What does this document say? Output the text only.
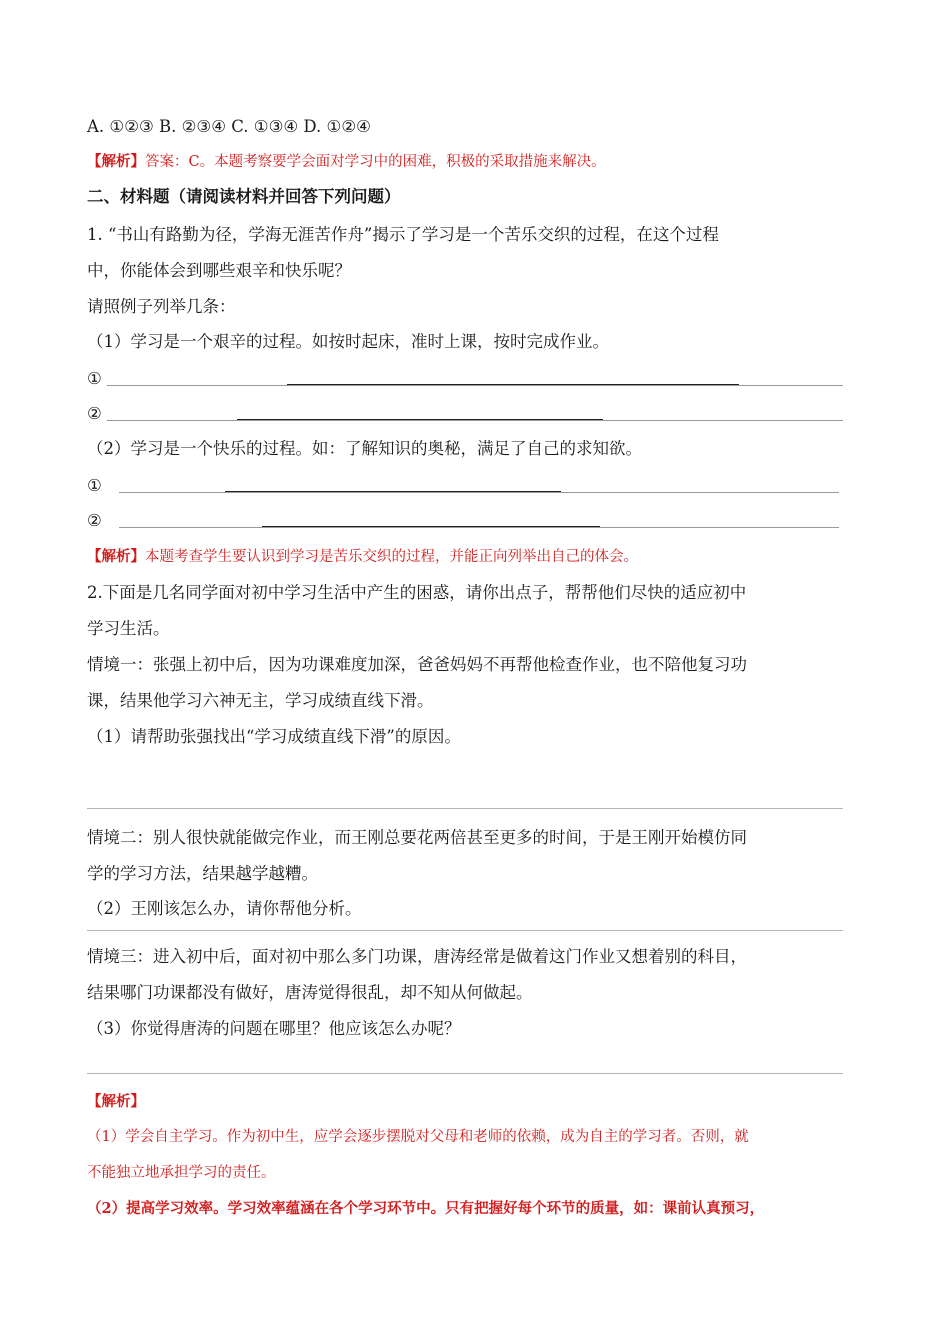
A. ①②③ B. ②③④ C. ①③④ D. ①②④
【解析】答案：C。本题考察要学会面对学习中的困难，积极的采取措施来解决。
二、材料题（请阅读材料并回答下列问题）
1. “书山有路勤为径，学海无涯苦作舟”揭示了学习是一个苦乐交织的过程，在这个过程
中，你能体会到哪些艰辛和快乐呢？
请照例子列举几条：
（1）学习是一个艰辛的过程。如按时起床，准时上课，按时完成作业。
①
②
（2）学习是一个快乐的过程。如：了解知识的奥秘，满足了自己的求知欲。
①
②
【解析】本题考查学生要认识到学习是苦乐交织的过程，并能正向列举出自己的体会。
2.下面是几名同学面对初中学习生活中产生的困惑，请你出点子，帮帮他们尽快的适应初中
学习生活。
情境一：张强上初中后，因为功课难度加深，爸爸妈妈不再帮他检查作业，也不陪他复习功
课，结果他学习六神无主，学习成绩直线下滑。
（1）请帮助张强找出“学习成绩直线下滑”的原因。
情境二：别人很快就能做完作业，而王刚总要花两倍甚至更多的时间，于是王刚开始模仿同
学的学习方法，结果越学越糟。
（2）王刚该怎么办，请你帮他分析。
情境三：进入初中后，面对初中那么多门功课，唐涛经常是做着这门作业又想着别的科目，
结果哪门功课都没有做好，唐涛觉得很乱，却不知从何做起。
（3）你觉得唐涛的问题在哪里？他应该怎么办呢？
【解析】
（1）学会自主学习。作为初中生，应学会逐步摆脱对父母和老师的依赖，成为自主的学习者。否则，就
不能独立地承担学习的责任。
（2）提高学习效率。学习效率蕴涵在各个学习环节中。只有把握好每个环节的质量，如：课前认真预习，
